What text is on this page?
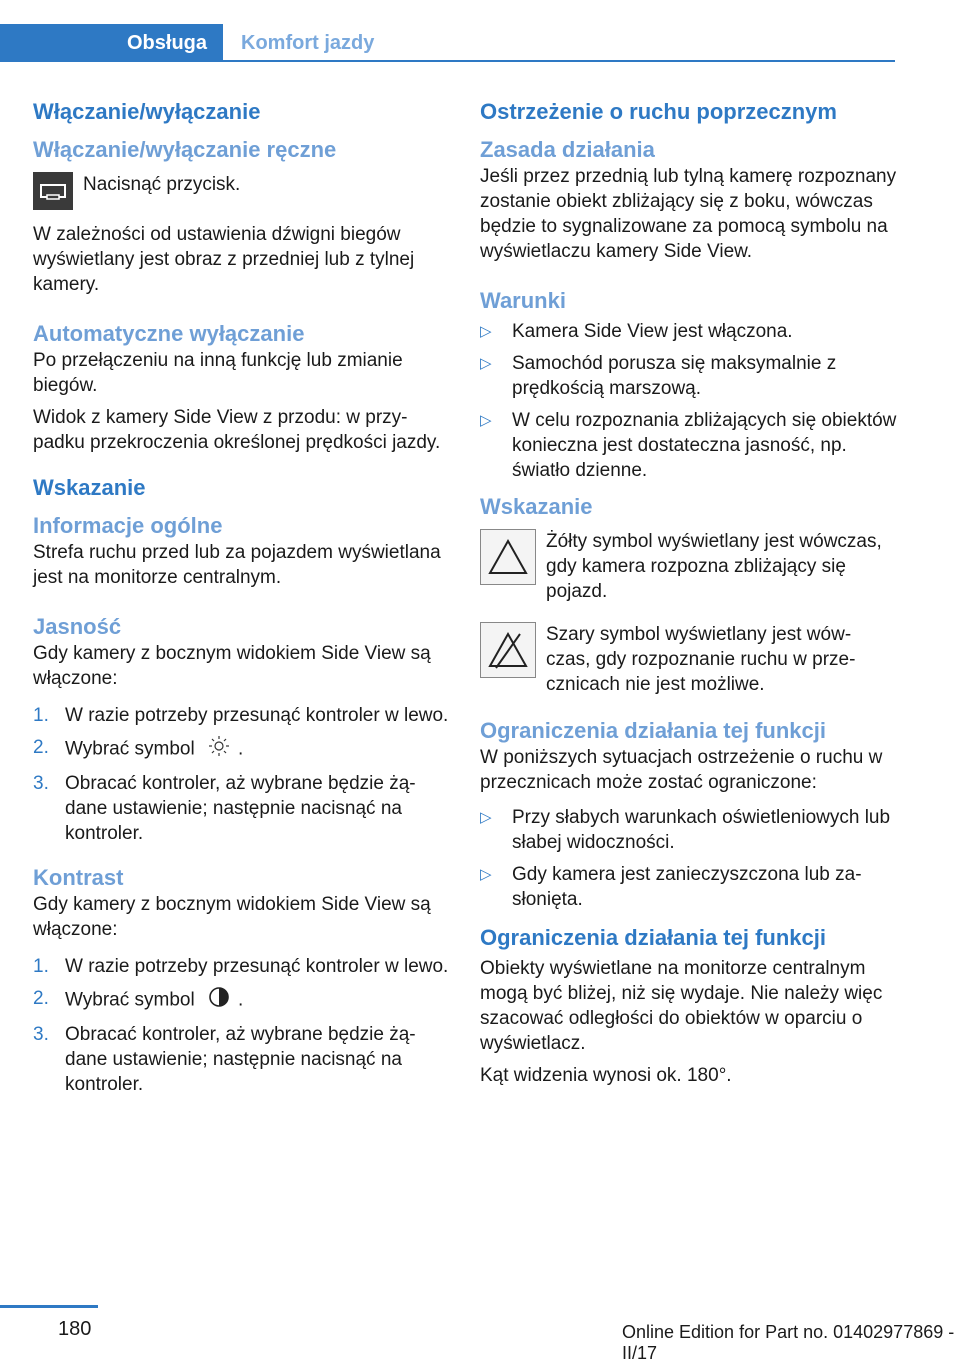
Obsługa	Komfort jazdy
Włączanie/wyłączanie
Włączanie/wyłączanie ręczne
Nacisnąć przycisk.
W zależności od ustawienia dźwigni biegów wyświetlany jest obraz z przedniej lub z tylnej kamery.
Automatyczne wyłączanie
Po przełączeniu na inną funkcję lub zmianie biegów.
Widok z kamery Side View z przodu: w przypadku przekroczenia określonej prędkości jazdy.
Wskazanie
Informacje ogólne
Strefa ruchu przed lub za pojazdem wyświetlana jest na monitorze centralnym.
Jasność
Gdy kamery z bocznym widokiem Side View są włączone:
1. W razie potrzeby przesunąć kontroler w lewo.
2. Wybrać symbol .
3. Obracać kontroler, aż wybrane będzie żądane ustawienie; następnie nacisnąć na kontroler.
Kontrast
Gdy kamery z bocznym widokiem Side View są włączone:
1. W razie potrzeby przesunąć kontroler w lewo.
2. Wybrać symbol .
3. Obracać kontroler, aż wybrane będzie żądane ustawienie; następnie nacisnąć na kontroler.
Ostrzeżenie o ruchu poprzecznym
Zasada działania
Jeśli przez przednią lub tylną kamerę rozpoznany zostanie obiekt zbliżający się z boku, wówczas będzie to sygnalizowane za pomocą symbolu na wyświetlaczu kamery Side View.
Warunki
▷	Kamera Side View jest włączona.
▷	Samochód porusza się maksymalnie z prędkością marszową.
▷	W celu rozpoznania zbliżających się obiektów konieczna jest dostateczna jasność, np. światło dzienne.
Wskazanie
Żółty symbol wyświetlany jest wówczas, gdy kamera rozpozna zbliżający się pojazd.
Szary symbol wyświetlany jest wówczas, gdy rozpoznanie ruchu w przecznicach nie jest możliwe.
Ograniczenia działania tej funkcji
W poniższych sytuacjach ostrzeżenie o ruchu w przecznicach może zostać ograniczone:
▷	Przy słabych warunkach oświetleniowych lub słabej widoczności.
▷	Gdy kamera jest zanieczyszczona lub zasłonięta.
Ograniczenia działania tej funkcji
Obiekty wyświetlane na monitorze centralnym mogą być bliżej, niż się wydaje. Nie należy więc szacować odległości do obiektów w oparciu o wyświetlacz.
Kąt widzenia wynosi ok. 180°.
180	Online Edition for Part no. 01402977869 - II/17
